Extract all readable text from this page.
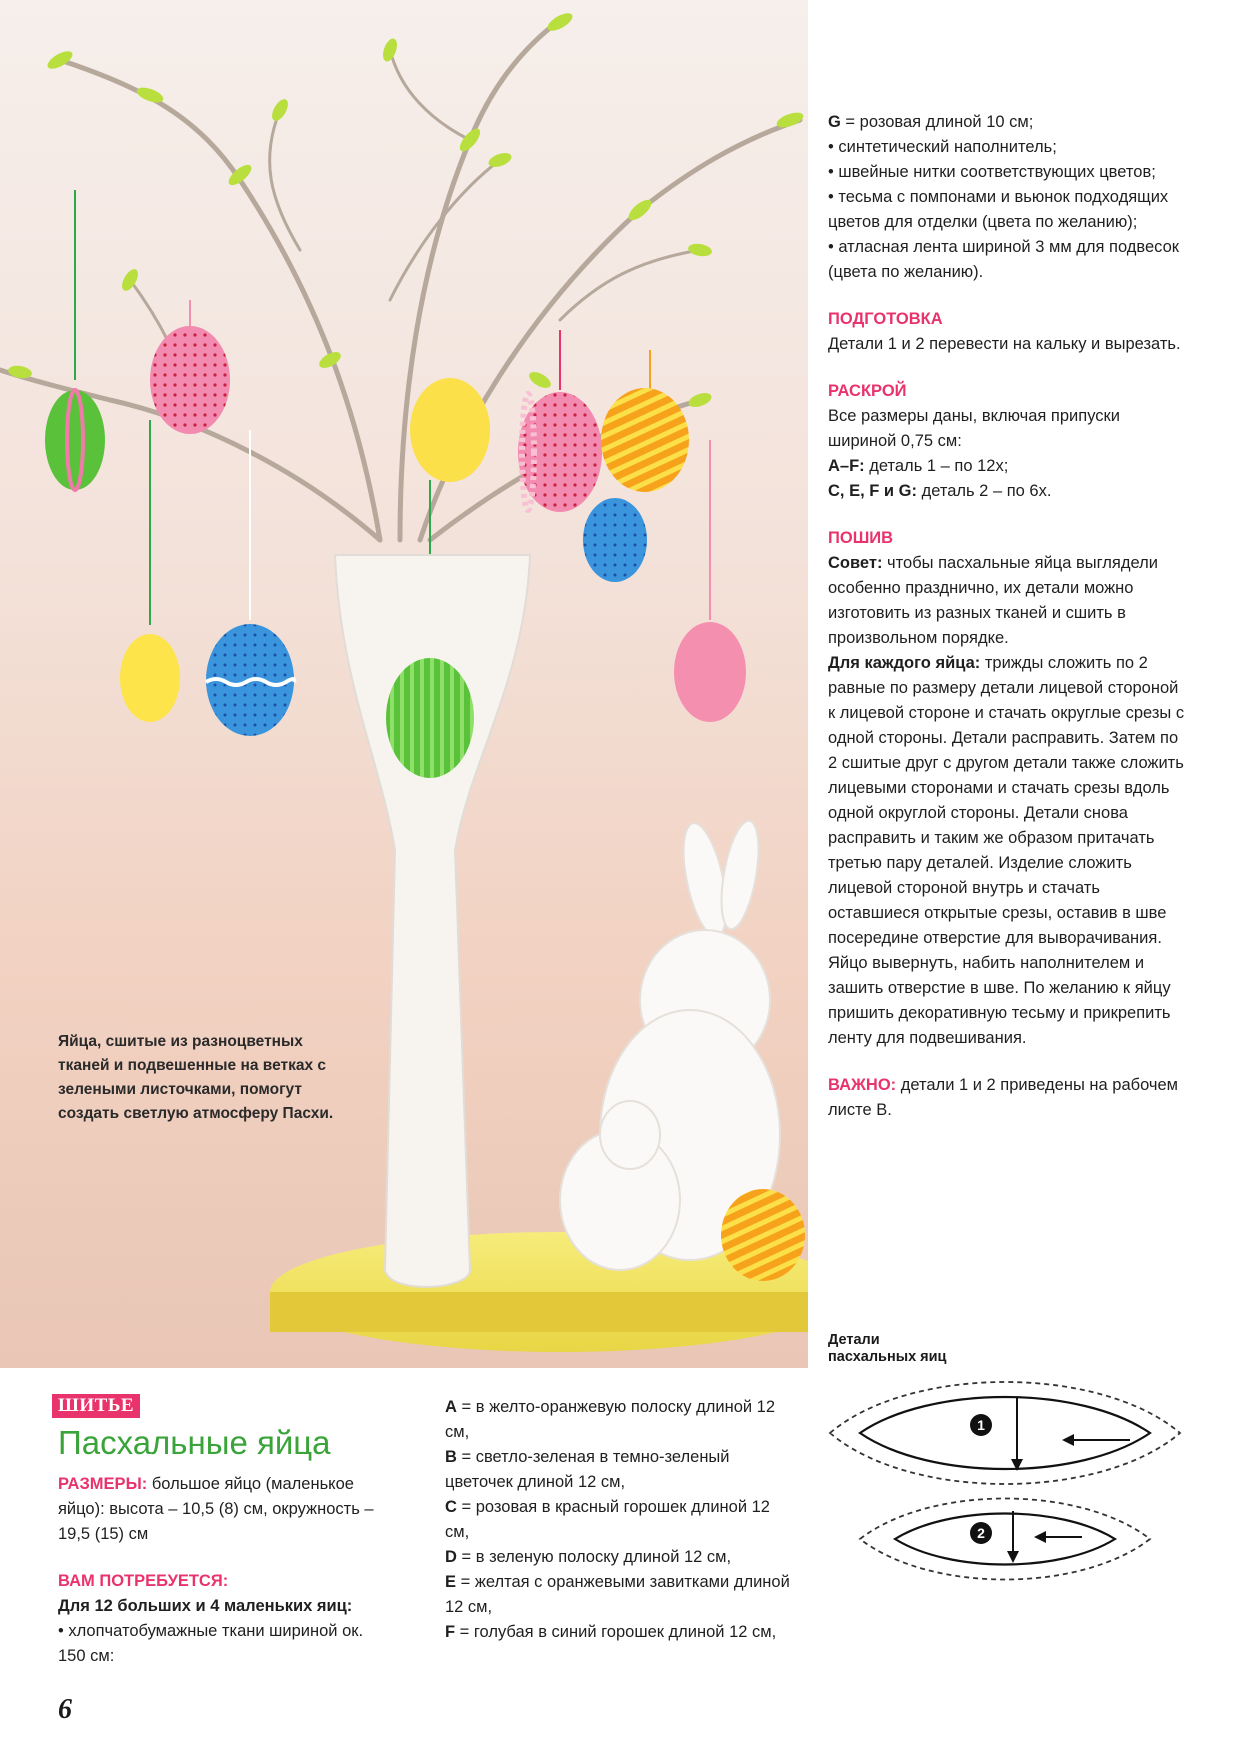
Яйца, сшитые из разноцветных тканей и подвешенные на ветках с зелеными листочками, помогут создать светлую атмосферу Пасхи.

G = розовая длиной 10 см;

• синтетический наполнитель;

• швейные нитки соответствующих цветов;

• тесьма с помпонами и вьюнок подходящих цветов для отделки (цвета по желанию);

• атласная лента шириной 3 мм для подвесок (цвета по желанию).

ПОДГОТОВКА

Детали 1 и 2 перевести на кальку и вырезать.

РАСКРОЙ

Все размеры даны, включая припуски шириной 0,75 см:

A–F: деталь 1 – по 12х;

C, E, F и G: деталь 2 – по 6х.

ПОШИВ

Совет: чтобы пасхальные яйца выглядели особенно празднично, их детали можно изготовить из разных тканей и сшить в произвольном порядке.

Для каждого яйца: трижды сложить по 2 равные по размеру детали лицевой стороной к лицевой стороне и стачать округлые срезы с одной стороны. Детали расправить. Затем по 2 сшитые друг с другом детали также сложить лицевыми сторонами и стачать срезы вдоль одной округлой стороны. Детали снова расправить и таким же образом притачать третью пару деталей. Изделие сложить лицевой стороной внутрь и стачать оставшиеся открытые срезы, оставив в шве посередине отверстие для выворачивания. Яйцо вывернуть, набить наполнителем и зашить отверстие в шве. По желанию к яйцу пришить декоративную тесьму и прикрепить ленту для подвешивания.

ВАЖНО: детали 1 и 2 приведены на рабочем листе В.

ШИТЬЕ
Пасхальные яйца

РАЗМЕРЫ: большое яйцо (маленькое яйцо): высота – 10,5 (8) см, окружность – 19,5 (15) см

ВАМ ПОТРЕБУЕТСЯ:

Для 12 больших и 4 маленьких яиц:

• хлопчатобумажные ткани шириной ок. 150 см:

A = в желто-оранжевую полоску длиной 12 см,

B = светло-зеленая в темно-зеленый цветочек длиной 12 см,

C = розовая в красный горошек длиной 12 см,

D = в зеленую полоску длиной 12 см,

E = желтая с оранжевыми завитками длиной 12 см,

F = голубая в синий горошек длиной 12 см,

6
Детали пасхальных яиц
1
2
